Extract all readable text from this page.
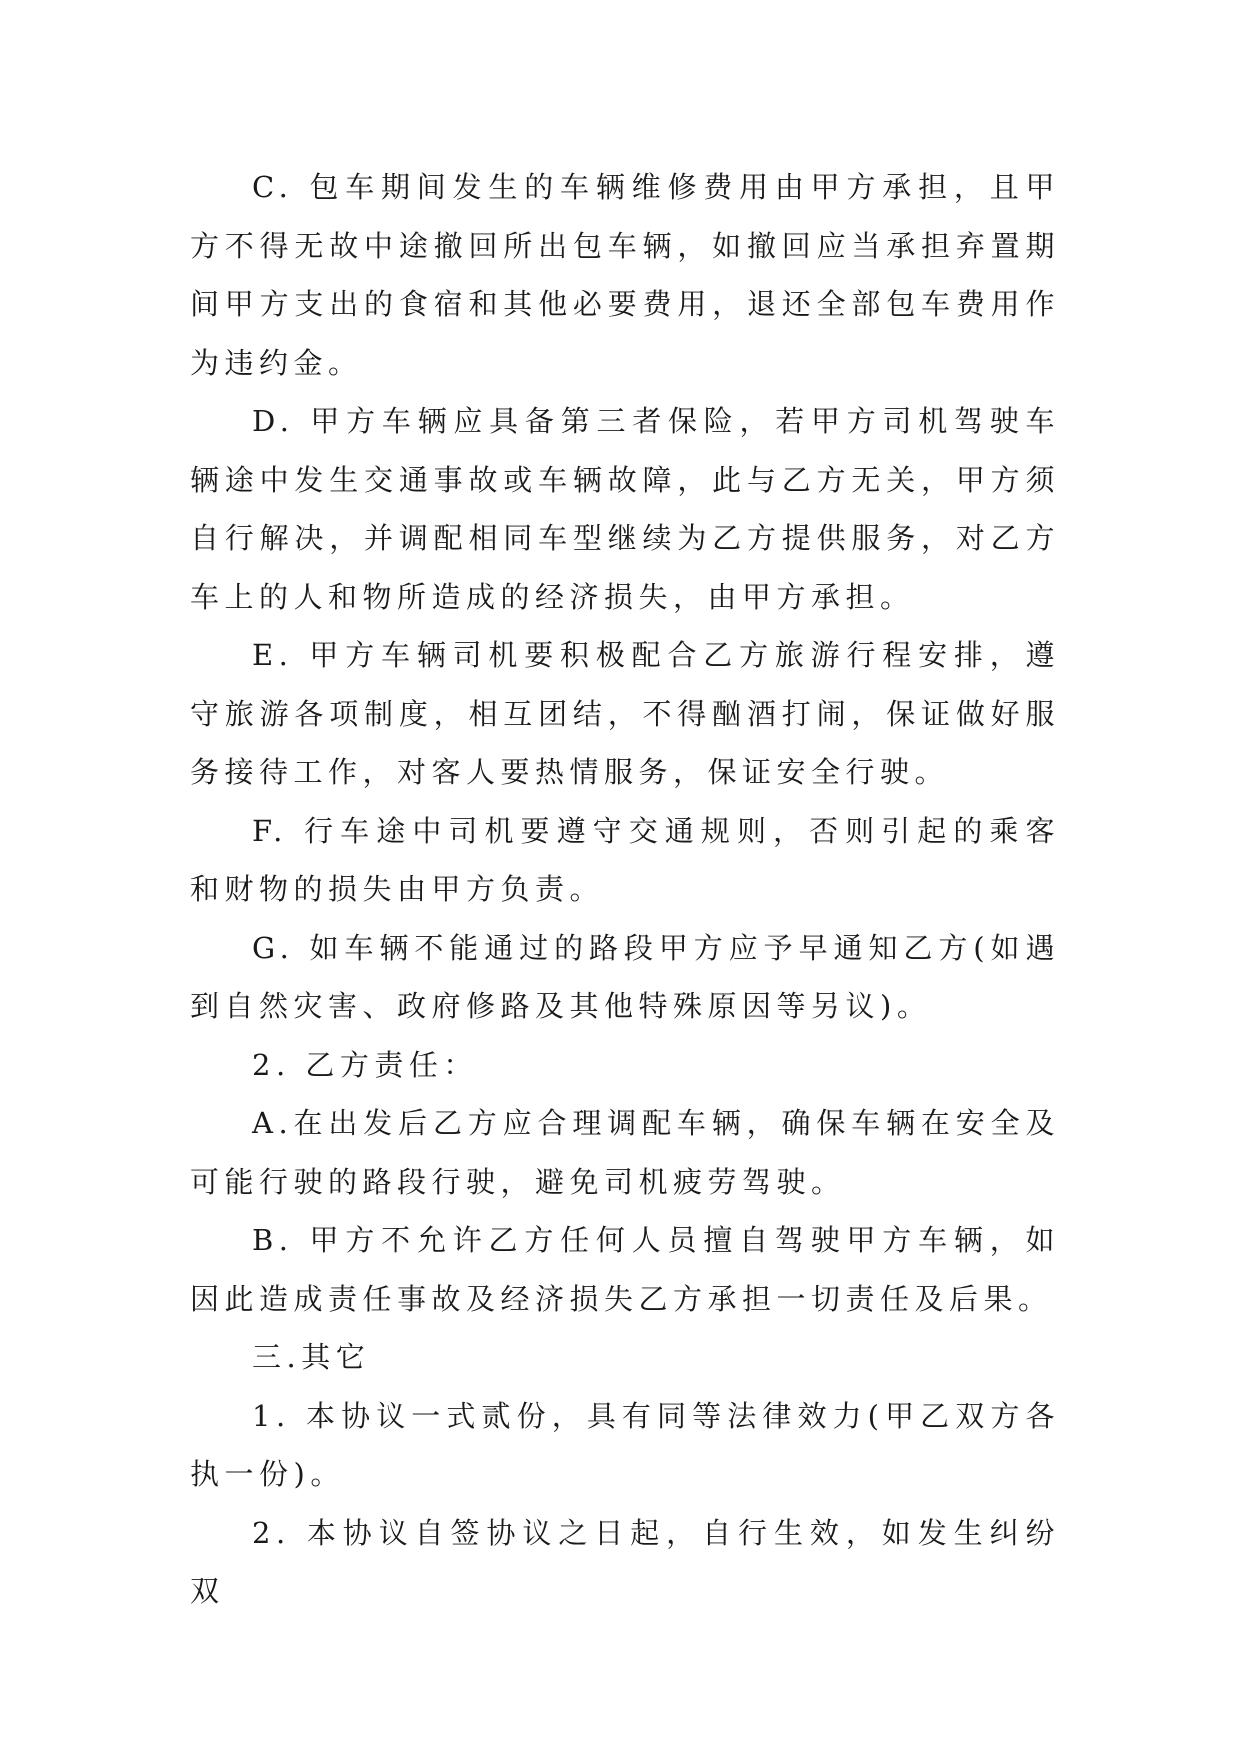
C. 包车期间发生的车辆维修费用由甲方承担，且甲方不得无故中途撤回所出包车辆，如撤回应当承担弃置期间甲方支出的食宿和其他必要费用，退还全部包车费用作为违约金。

D. 甲方车辆应具备第三者保险，若甲方司机驾驶车辆途中发生交通事故或车辆故障，此与乙方无关，甲方须自行解决，并调配相同车型继续为乙方提供服务，对乙方车上的人和物所造成的经济损失，由甲方承担。

E. 甲方车辆司机要积极配合乙方旅游行程安排，遵守旅游各项制度，相互团结，不得酗酒打闹，保证做好服务接待工作，对客人要热情服务，保证安全行驶。

F. 行车途中司机要遵守交通规则，否则引起的乘客和财物的损失由甲方负责。

G. 如车辆不能通过的路段甲方应予早通知乙方(如遇到自然灾害、政府修路及其他特殊原因等另议)。

2. 乙方责任：

A.在出发后乙方应合理调配车辆，确保车辆在安全及可能行驶的路段行驶，避免司机疲劳驾驶。

B. 甲方不允许乙方任何人员擅自驾驶甲方车辆，如因此造成责任事故及经济损失乙方承担一切责任及后果。

三.其它

1. 本协议一式贰份，具有同等法律效力(甲乙双方各执一份)。

2. 本协议自签协议之日起，自行生效，如发生纠纷双
